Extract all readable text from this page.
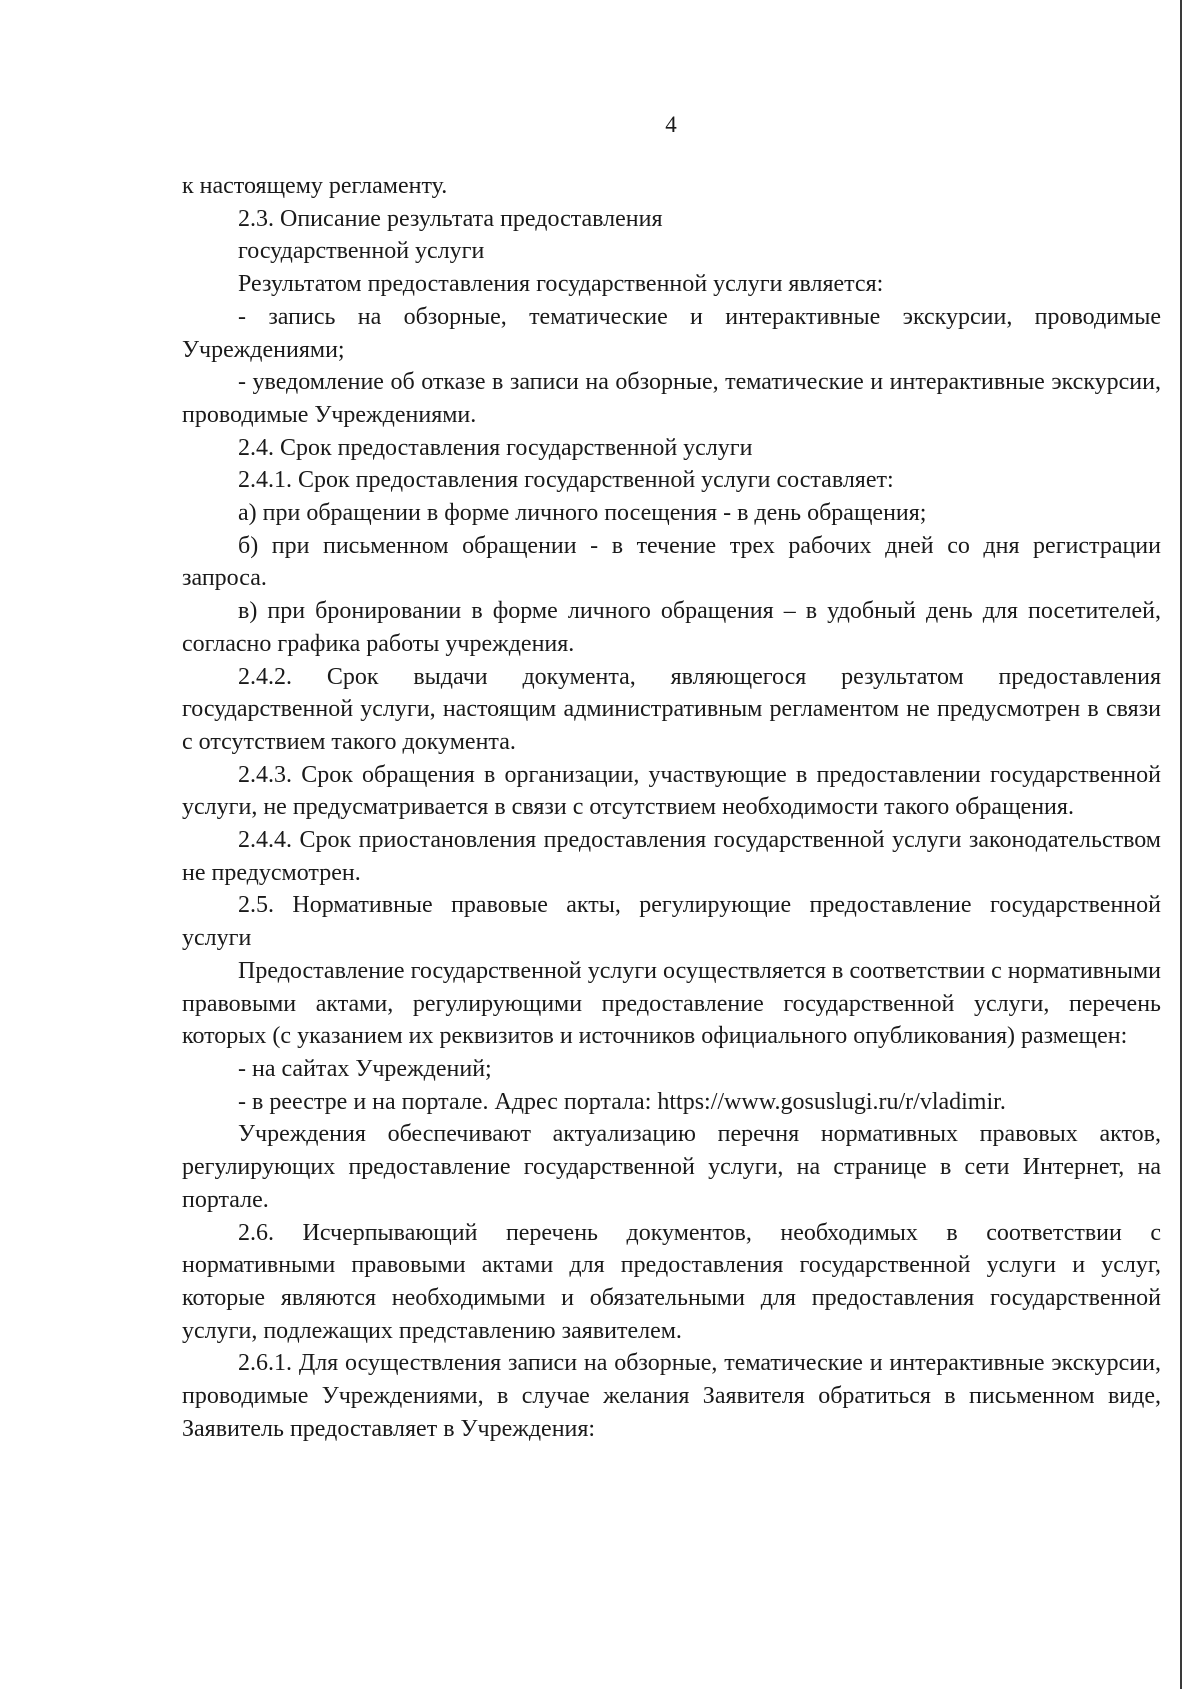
4

к настоящему регламенту.

2.3. Описание результата предоставления

государственной услуги

Результатом предоставления государственной услуги является:

- запись на обзорные, тематические и интерактивные экскурсии, проводимые Учреждениями;

- уведомление об отказе в записи на обзорные, тематические и интерактивные экскурсии, проводимые Учреждениями.

2.4. Срок предоставления государственной услуги

2.4.1. Срок предоставления государственной услуги составляет:

а) при обращении в форме личного посещения - в день обращения;

б) при письменном обращении - в течение трех рабочих дней со дня регистрации запроса.

в) при бронировании в форме личного обращения – в удобный день для посетителей, согласно графика работы учреждения.

2.4.2. Срок выдачи документа, являющегося результатом предоставления государственной услуги, настоящим административным регламентом не предусмотрен в связи с отсутствием такого документа.

2.4.3. Срок обращения в организации, участвующие в предоставлении государственной услуги, не предусматривается в связи с отсутствием необходимости такого обращения.

2.4.4. Срок приостановления предоставления государственной услуги законодательством не предусмотрен.

2.5. Нормативные правовые акты, регулирующие предоставление государственной услуги

Предоставление государственной услуги осуществляется в соответствии с нормативными правовыми актами, регулирующими предоставление государственной услуги, перечень которых (с указанием их реквизитов и источников официального опубликования) размещен:

- на сайтах Учреждений;

- в реестре и на портале. Адрес портала: https://www.gosuslugi.ru/r/vladimir.

Учреждения обеспечивают актуализацию перечня нормативных правовых актов, регулирующих предоставление государственной услуги, на странице в сети Интернет, на портале.

2.6. Исчерпывающий перечень документов, необходимых в соответствии с нормативными правовыми актами для предоставления государственной услуги и услуг, которые являются необходимыми и обязательными для предоставления государственной услуги, подлежащих представлению заявителем.

2.6.1. Для осуществления записи на обзорные, тематические и интерактивные экскурсии, проводимые Учреждениями, в случае желания Заявителя обратиться в письменном виде, Заявитель предоставляет в Учреждения:
